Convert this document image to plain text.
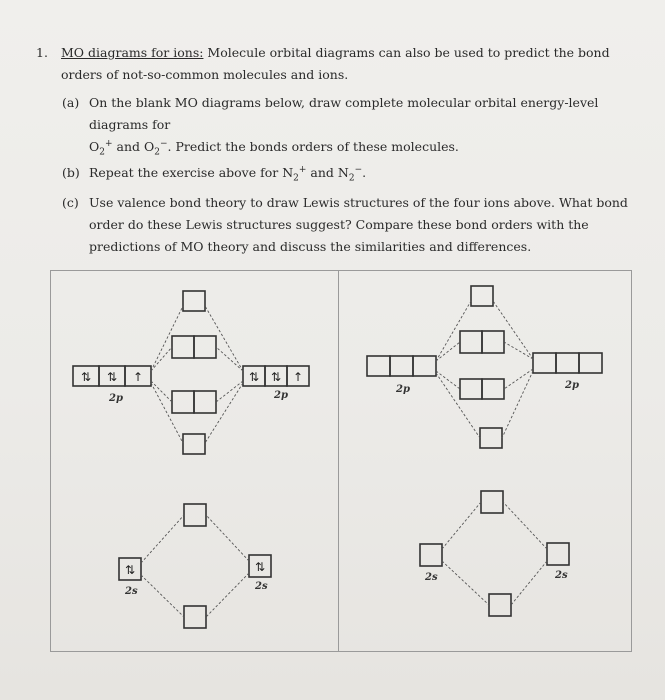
1. MO diagrams for ions: Molecule orbital diagrams can also be used to predict the bond orders of not-so-common molecules and ions.
(a) On the blank MO diagrams below, draw complete molecular orbital energy-level diagrams for
$O_2^+$ and $O_2^-$. Predict the bonds orders of these molecules.
(b) Repeat the exercise above for $N_2^+$ and $N_2^-$.
(c) Use valence bond theory to draw Lewis structures of the four ions above. What bond order do these Lewis structures suggest? Compare these bond orders with the predictions of MO theory and discuss the similarities and differences.
⇅ ⇅ ↑	⇅ ⇅ ↑
⇅	⇅
2p	2p
2s	2s
2p	2p
2s	2s
